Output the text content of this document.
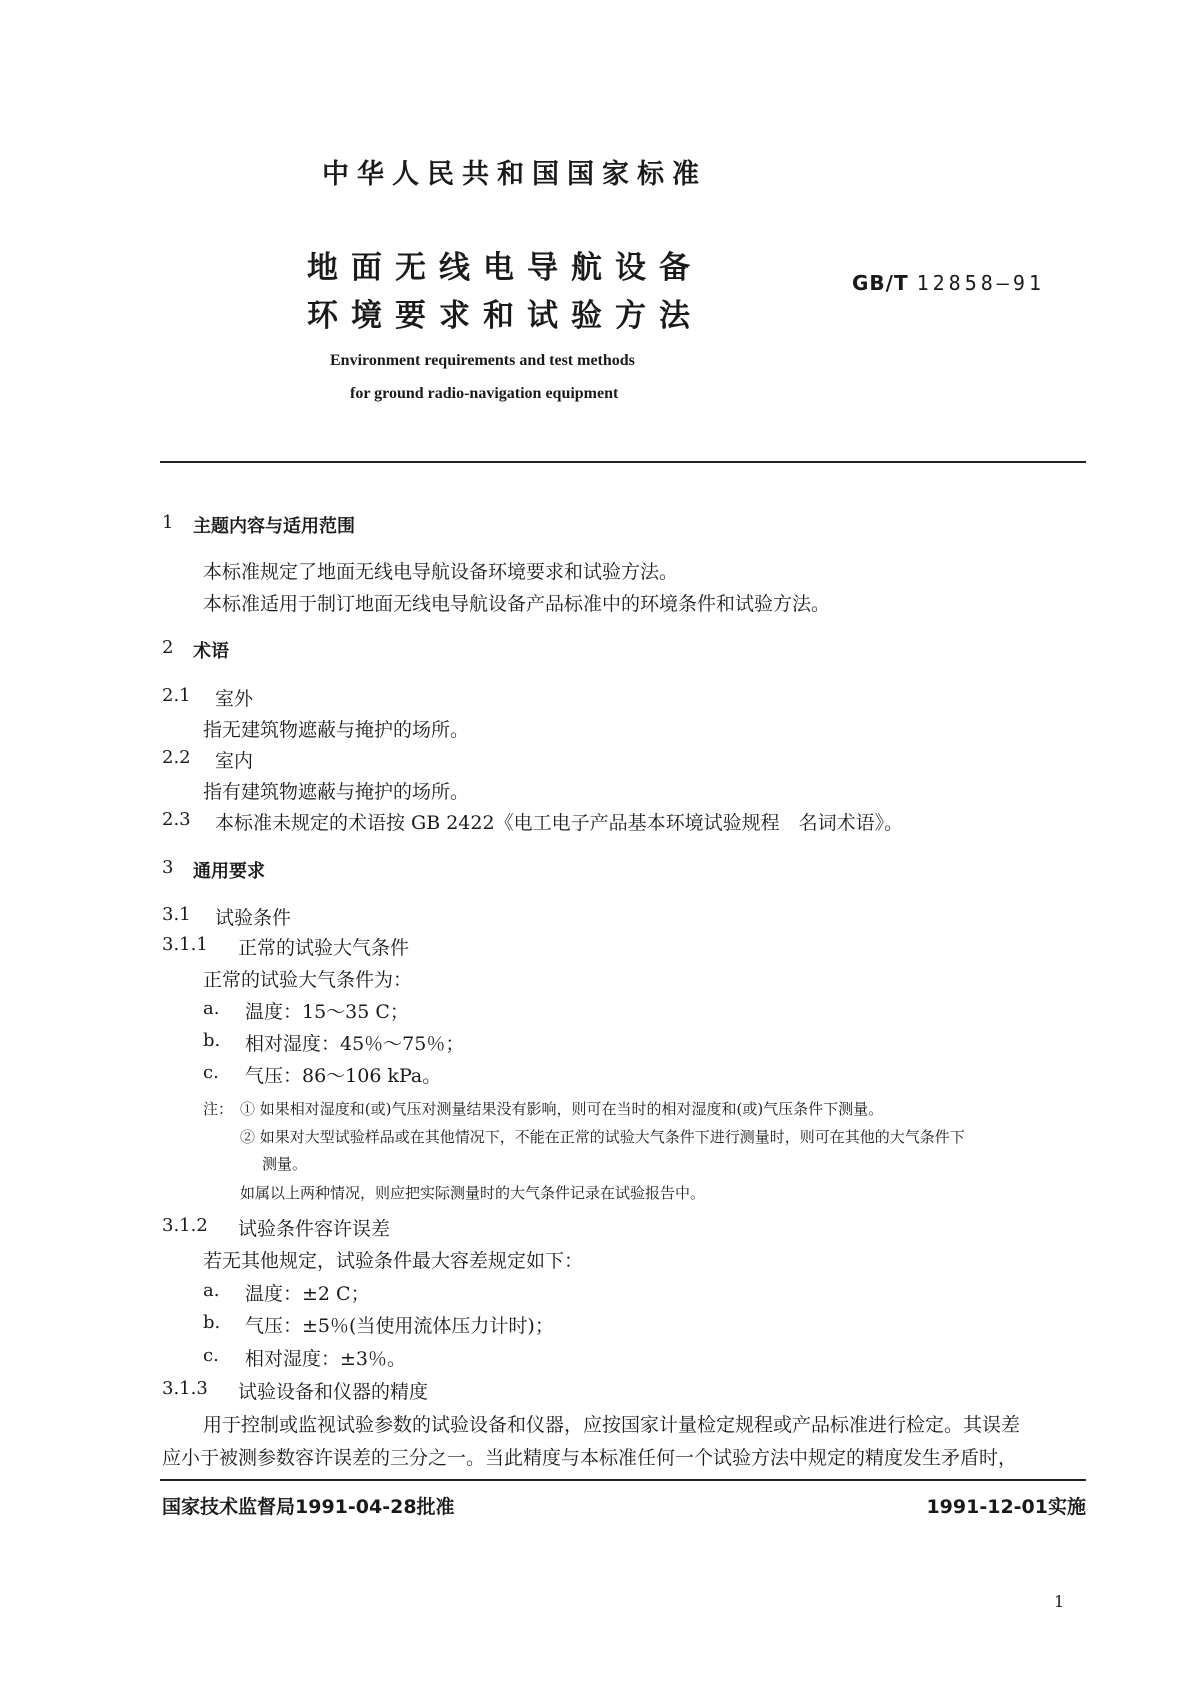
中华人民共和国国家标准
地面无线电导航设备
环境要求和试验方法
GB/T 12858—91
Environment requirements and test methods
for ground radio-navigation equipment
1 主题内容与适用范围
本标准规定了地面无线电导航设备环境要求和试验方法。
本标准适用于制订地面无线电导航设备产品标准中的环境条件和试验方法。
2 术语
2.1 室外
指无建筑物遮蔽与掩护的场所。
2.2 室内
指有建筑物遮蔽与掩护的场所。
2.3 本标准未规定的术语按 GB 2422《电工电子产品基本环境试验规程　名词术语》。
3 通用要求
3.1 试验条件
3.1.1 正常的试验大气条件
正常的试验大气条件为：
a. 温度：15～35 C；
b. 相对湿度：45％～75％；
c. 气压：86～106 kPa。
注： ① 如果相对湿度和(或)气压对测量结果没有影响，则可在当时的相对湿度和(或)气压条件下测量。
② 如果对大型试验样品或在其他情况下，不能在正常的试验大气条件下进行测量时，则可在其他的大气条件下
测量。
如属以上两种情况，则应把实际测量时的大气条件记录在试验报告中。
3.1.2 试验条件容许误差
若无其他规定，试验条件最大容差规定如下：
a. 温度：±2 C；
b. 气压：±5％(当使用流体压力计时)；
c. 相对湿度：±3％。
3.1.3 试验设备和仪器的精度
用于控制或监视试验参数的试验设备和仪器，应按国家计量检定规程或产品标准进行检定。其误差
应小于被测参数容许误差的三分之一。当此精度与本标准任何一个试验方法中规定的精度发生矛盾时，
国家技术监督局1991-04-28批准	1991-12-01实施
1
